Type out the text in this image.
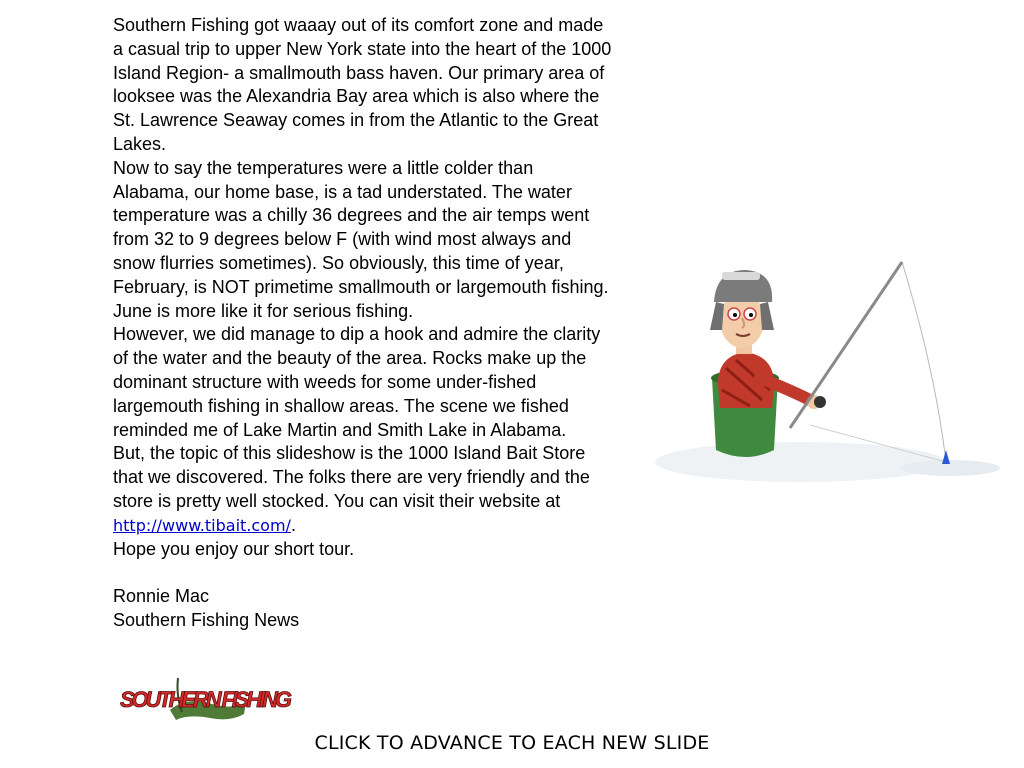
Southern Fishing got waaay out of its comfort zone and made a casual trip to upper New York state into the heart of the 1000 Island Region- a smallmouth bass haven. Our primary area of looksee was the Alexandria Bay area which is also where the St. Lawrence Seaway comes in from the Atlantic to the Great Lakes.

Now to say the temperatures were a little colder than Alabama, our home base, is a tad understated. The water temperature was a chilly 36 degrees and the air temps went from 32 to 9 degrees below F (with wind most always and snow flurries sometimes). So obviously, this time of year, February, is NOT primetime smallmouth or largemouth fishing. June is more like it for serious fishing.

However, we did manage to dip a hook and admire the clarity of the water and the beauty of the area. Rocks make up the dominant structure with weeds for some under-fished largemouth fishing in shallow areas. The scene we fished reminded me of Lake Martin and Smith Lake in Alabama.

But, the topic of this slideshow is the 1000 Island Bait Store that we discovered. The folks there are very friendly and the store is pretty well stocked. You can visit their website at http://www.tibait.com/.

Hope you enjoy our short tour.

Ronnie Mac

Southern Fishing News

SOUTHERN FISHING
CLICK TO ADVANCE TO EACH NEW SLIDE
